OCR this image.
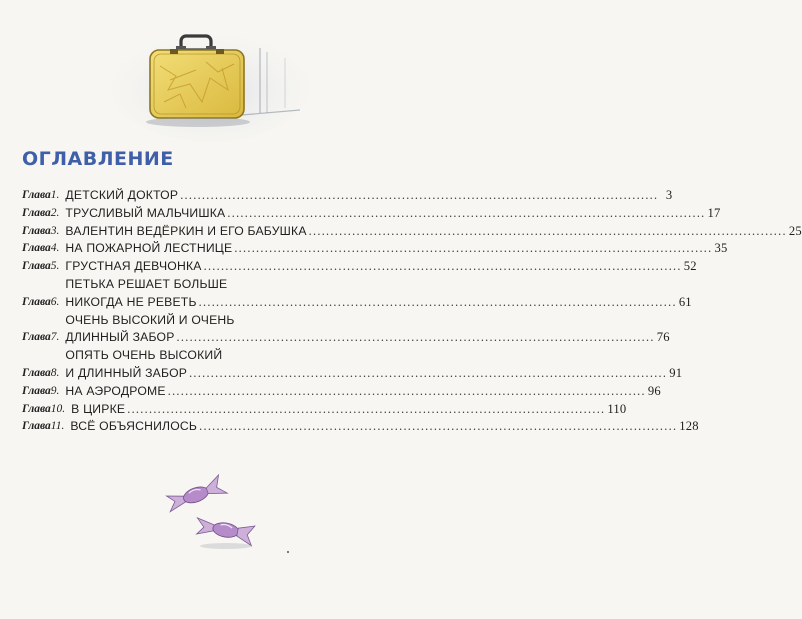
ОГЛАВЛЕНИЕ
Глава 1. ДЕТСКИЙ ДОКТОР .............................................................................................................. 3
Глава 2. ТРУСЛИВЫЙ МАЛЬЧИШКА .............................................................................................................. 17
Глава 3. ВАЛЕНТИН ВЕДЁРКИН И ЕГО БАБУШКА .............................................................................................................. 25
Глава 4. НА ПОЖАРНОЙ ЛЕСТНИЦЕ .............................................................................................................. 35
Глава 5. ГРУСТНАЯ ДЕВЧОНКА .............................................................................................................. 52
Глава 6.
ПЕТЬКА РЕШАЕТ БОЛЬШЕ
НИКОГДА НЕ РЕВЕТЬ .............................................................................................................. 61
Глава 7.
ОЧЕНЬ ВЫСОКИЙ И ОЧЕНЬ
ДЛИННЫЙ ЗАБОР .............................................................................................................. 76
Глава 8.
ОПЯТЬ ОЧЕНЬ ВЫСОКИЙ
И ДЛИННЫЙ ЗАБОР .............................................................................................................. 91
Глава 9. НА АЭРОДРОМЕ .............................................................................................................. 96
Глава 10. В ЦИРКЕ .............................................................................................................. 110
Глава 11. ВСЁ ОБЪЯСНИЛОСЬ .............................................................................................................. 128
